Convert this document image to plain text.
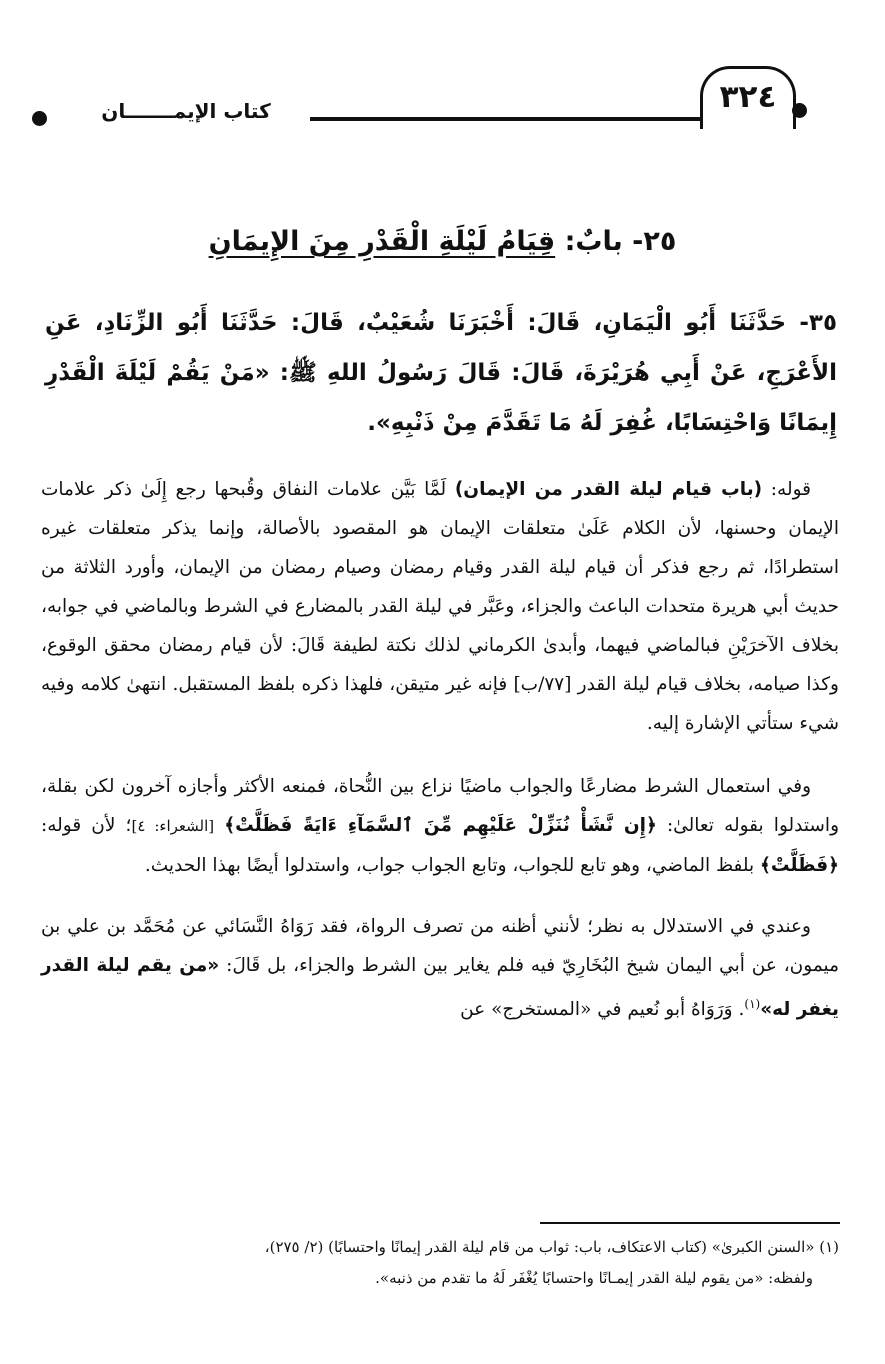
كتاب الإيمـــــــان	٣٢٤
٢٥- بابٌ: قِيَامُ لَيْلَةِ الْقَدْرِ مِنَ الإِيمَانِ

٣٥- حَدَّثَنَا أَبُو الْيَمَانِ، قَالَ: أَخْبَرَنَا شُعَيْبٌ، قَالَ: حَدَّثَنَا أَبُو الزِّنَادِ، عَنِ الأَعْرَجِ، عَنْ أَبِي هُرَيْرَةَ، قَالَ: قَالَ رَسُولُ اللهِ ﷺ: «مَنْ يَقُمْ لَيْلَةَ الْقَدْرِ إِيمَانًا وَاحْتِسَابًا، غُفِرَ لَهُ مَا تَقَدَّمَ مِنْ ذَنْبِهِ».

قوله: (باب قيام ليلة القدر من الإيمان) لَمَّا بَيَّن علامات النفاق وقُبحها رجع إِلَىٰ ذكر علامات الإيمان وحسنها، لأن الكلام عَلَىٰ متعلقات الإيمان هو المقصود بالأصالة، وإنما يذكر متعلقات غيره استطرادًا، ثم رجع فذكر أن قيام ليلة القدر وقيام رمضان وصيام رمضان من الإيمان، وأورد الثلاثة من حديث أبي هريرة متحدات الباعث والجزاء، وعَبَّر في ليلة القدر بالمضارع في الشرط وبالماضي في جوابه، بخلاف الآخرَيْنِ فبالماضي فيهما، وأبدىٰ الكرماني لذلك نكتة لطيفة قَالَ: لأن قيام رمضان محقق الوقوع، وكذا صيامه، بخلاف قيام ليلة القدر [٧٧/ب] فإنه غير متيقن، فلهذا ذكره بلفظ المستقبل. انتهىٰ كلامه وفيه شيء ستأتي الإشارة إليه.

وفي استعمال الشرط مضارعًا والجواب ماضيًا نزاع بين النُّحاة، فمنعه الأكثر وأجازه آخرون لكن بقلة، واستدلوا بقوله تعالىٰ: ﴿إِن نَّشَأْ نُنَزِّلْ عَلَيْهِم مِّنَ ٱلسَّمَآءِ ءَايَةً فَظَلَّتْ﴾ [الشعراء: ٤]؛ لأن قوله: ﴿فَظَلَّتْ﴾ بلفظ الماضي، وهو تابع للجواب، وتابع الجواب جواب، واستدلوا أيضًا بهذا الحديث.

وعندي في الاستدلال به نظر؛ لأنني أظنه من تصرف الرواة، فقد رَوَاهُ النَّسَائي عن مُحَمَّد بن علي بن ميمون، عن أبي اليمان شيخ البُخَارِيّ فيه فلم يغاير بين الشرط والجزاء، بل قَالَ: «من يقم ليلة القدر يغفر له»$^{(١)}$. وَرَوَاهُ أبو نُعيم في «المستخرج» عن

(١) «السنن الكبرىٰ» (كتاب الاعتكاف، باب: ثواب من قام ليلة القدر إيمانًا واحتسابًا) (٢/ ٢٧٥)،

ولفظه: «من يقوم ليلة القدر إيمـانًا واحتسابًا يُغْفَر لَهُ ما تقدم من ذنبه».
